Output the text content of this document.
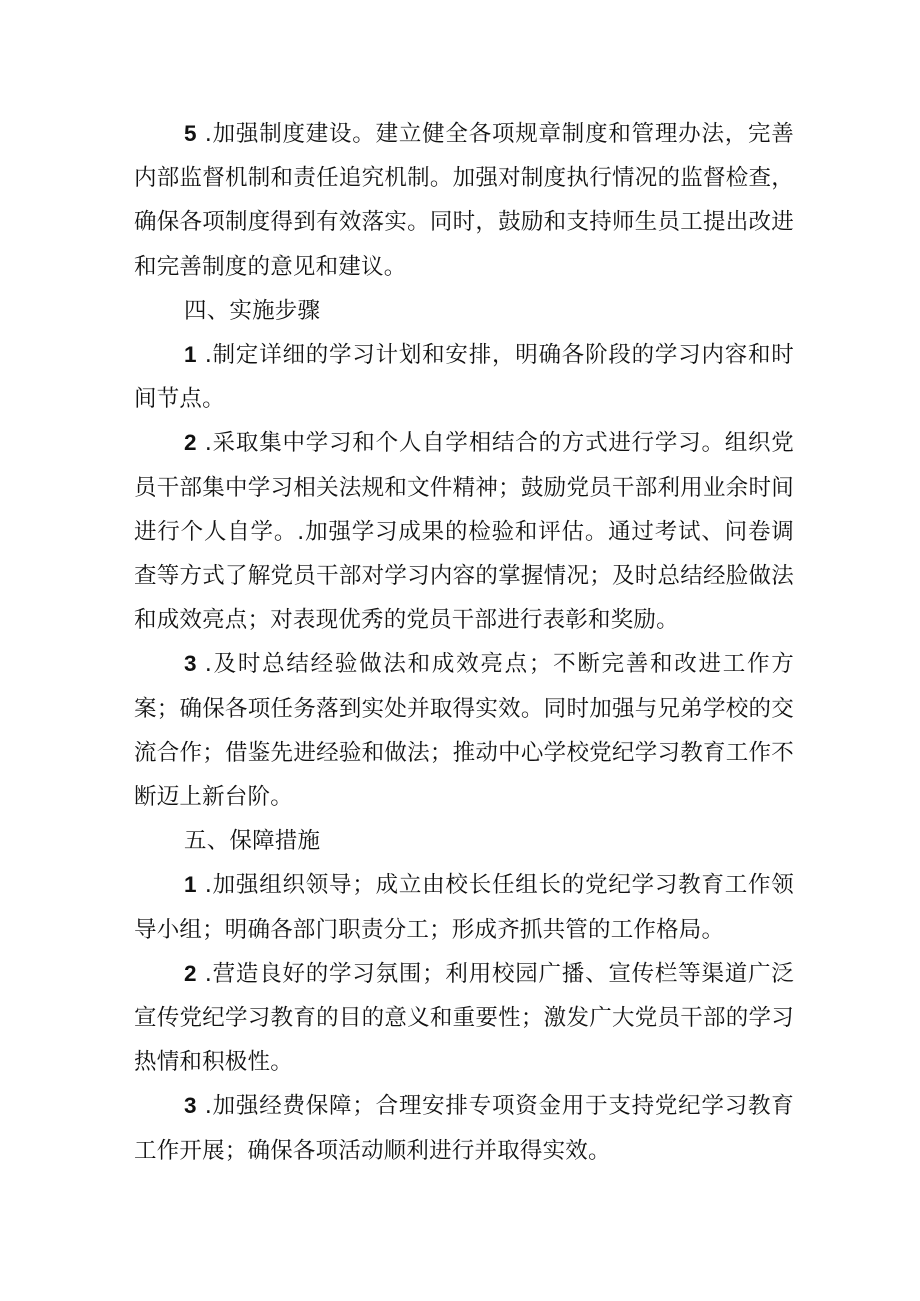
5 .加强制度建设。建立健全各项规章制度和管理办法，完善内部监督机制和责任追究机制。加强对制度执行情况的监督检查，确保各项制度得到有效落实。同时，鼓励和支持师生员工提出改进和完善制度的意见和建议。

四、实施步骤

1 .制定详细的学习计划和安排，明确各阶段的学习内容和时间节点。

2 .采取集中学习和个人自学相结合的方式进行学习。组织党员干部集中学习相关法规和文件精神；鼓励党员干部利用业余时间进行个人自学。.加强学习成果的检验和评估。通过考试、问卷调查等方式了解党员干部对学习内容的掌握情况；及时总结经脸做法和成效亮点；对表现优秀的党员干部进行表彰和奖励。

3 .及时总结经验做法和成效亮点；不断完善和改进工作方案；确保各项任务落到实处并取得实效。同时加强与兄弟学校的交流合作；借鉴先进经验和做法；推动中心学校党纪学习教育工作不断迈上新台阶。

五、保障措施

1 .加强组织领导；成立由校长任组长的党纪学习教育工作领导小组；明确各部门职责分工；形成齐抓共管的工作格局。

2 .营造良好的学习氛围；利用校园广播、宣传栏等渠道广泛宣传党纪学习教育的目的意义和重要性；激发广大党员干部的学习热情和积极性。

3 .加强经费保障；合理安排专项资金用于支持党纪学习教育工作开展；确保各项活动顺利进行并取得实效。
